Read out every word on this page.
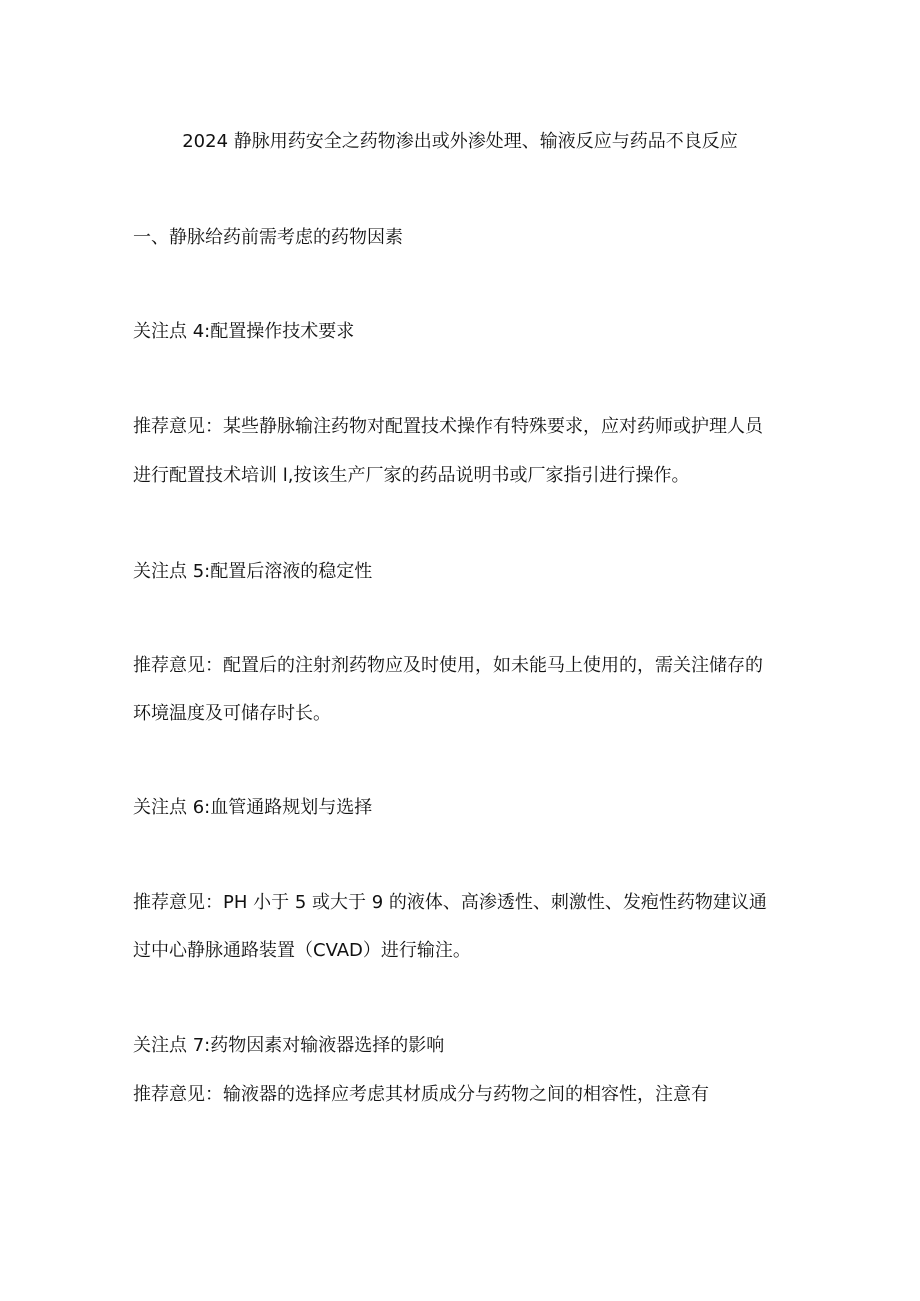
2024 静脉用药安全之药物渗出或外渗处理、输液反应与药品不良反应
一、静脉给药前需考虑的药物因素
关注点 4:配置操作技术要求
推荐意见：某些静脉输注药物对配置技术操作有特殊要求，应对药师或护理人员
进行配置技术培训 l,按该生产厂家的药品说明书或厂家指引进行操作。
关注点 5:配置后溶液的稳定性
推荐意见：配置后的注射剂药物应及时使用，如未能马上使用的，需关注储存的
环境温度及可储存时长。
关注点 6:血管通路规划与选择
推荐意见：PH 小于 5 或大于 9 的液体、高渗透性、刺激性、发疱性药物建议通
过中心静脉通路装置（CVAD）进行输注。
关注点 7:药物因素对输液器选择的影响
推荐意见：输液器的选择应考虑其材质成分与药物之间的相容性，注意有
